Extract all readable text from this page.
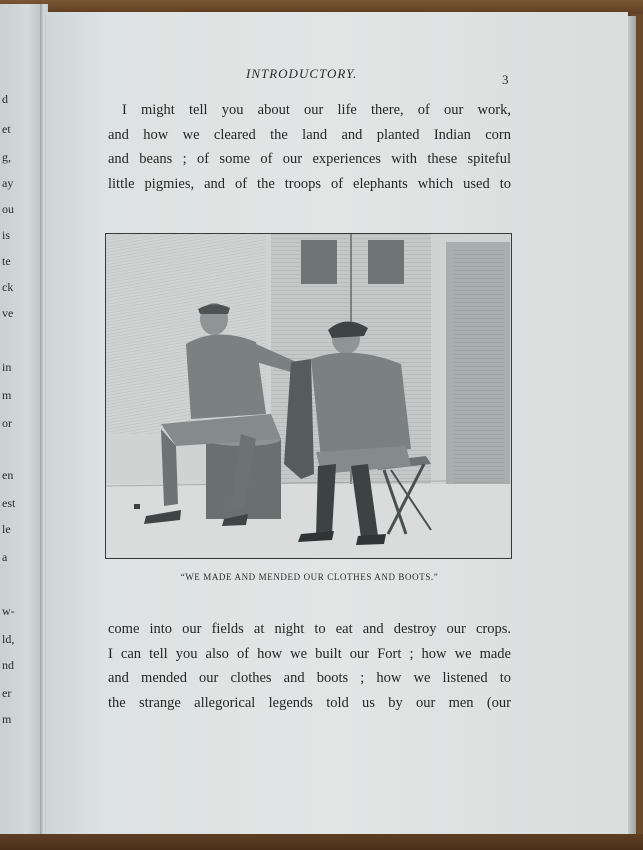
d
et
g,
ay
ou
is
te
ck
ve
in
m
or
en
est
le
a
w-
ld,
nd
er
m
INTRODUCTORY.	3
I might tell you about our life there, of our work,
and how we cleared the land and planted Indian corn
and beans ; of some of our experiences with these spiteful
little pigmies, and of the troops of elephants which used to
“WE MADE AND MENDED OUR CLOTHES AND BOOTS.”
come into our fields at night to eat and destroy our crops.
I can tell you also of how we built our Fort ; how we made
and mended our clothes and boots ; how we listened to
the strange allegorical legends told us by our men (our
